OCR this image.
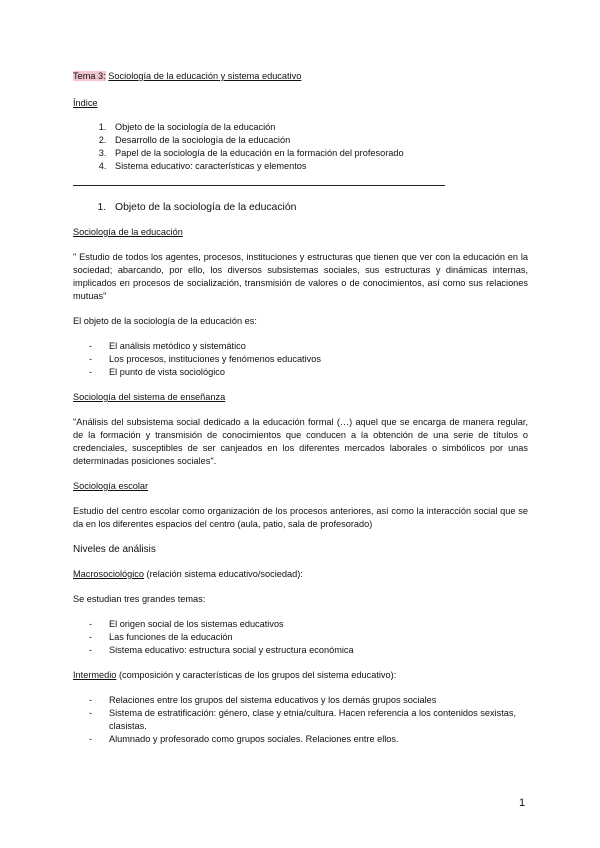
Tema 3: Sociología de la educación y sistema educativo

Índice

1. Objeto de la sociología de la educación
2. Desarrollo de la sociología de la educación
3. Papel de la sociología de la educación en la formación del profesorado
4. Sistema educativo: características y elementos
1. Objeto de la sociología de la educación

Sociología de la educación

" Estudio de todos los agentes, procesos, instituciones y estructuras que tienen que ver con la educación en la sociedad; abarcando, por ello, los diversos subsistemas sociales, sus estructuras y dinámicas internas, implicados en procesos de socialización, transmisión de valores o de conocimientos, así como sus relaciones mutuas"

El objeto de la sociología de la educación es:

- El análisis metódico y sistemático
- Los procesos, instituciones y fenómenos educativos
- El punto de vista sociológico

Sociología del sistema de enseñanza

"Análisis del subsistema social dedicado a la educación formal (…) aquel que se encarga de manera regular, de la formación y transmisión de conocimientos que conducen a la obtención de una serie de títulos o credenciales, susceptibles de ser canjeados en los diferentes mercados laborales o simbólicos por unas determinadas posiciones sociales".

Sociología escolar

Estudio del centro escolar como organización de los procesos anteriores, así como la interacción social que se da en los diferentes espacios del centro (aula, patio, sala de profesorado)

Niveles de análisis

Macrosociológico (relación sistema educativo/sociedad):

Se estudian tres grandes temas:

- El origen social de los sistemas educativos
- Las funciones de la educación
- Sistema educativo: estructura social y estructura económica

Intermedio (composición y características de los grupos del sistema educativo):

- Relaciones entre los grupos del sistema educativos y los demás grupos sociales
- Sistema de estratificación: género, clase y etnia/cultura. Hacen referencia a los contenidos sexistas, clasistas.
- Alumnado y profesorado como grupos sociales. Relaciones entre ellos.
1
